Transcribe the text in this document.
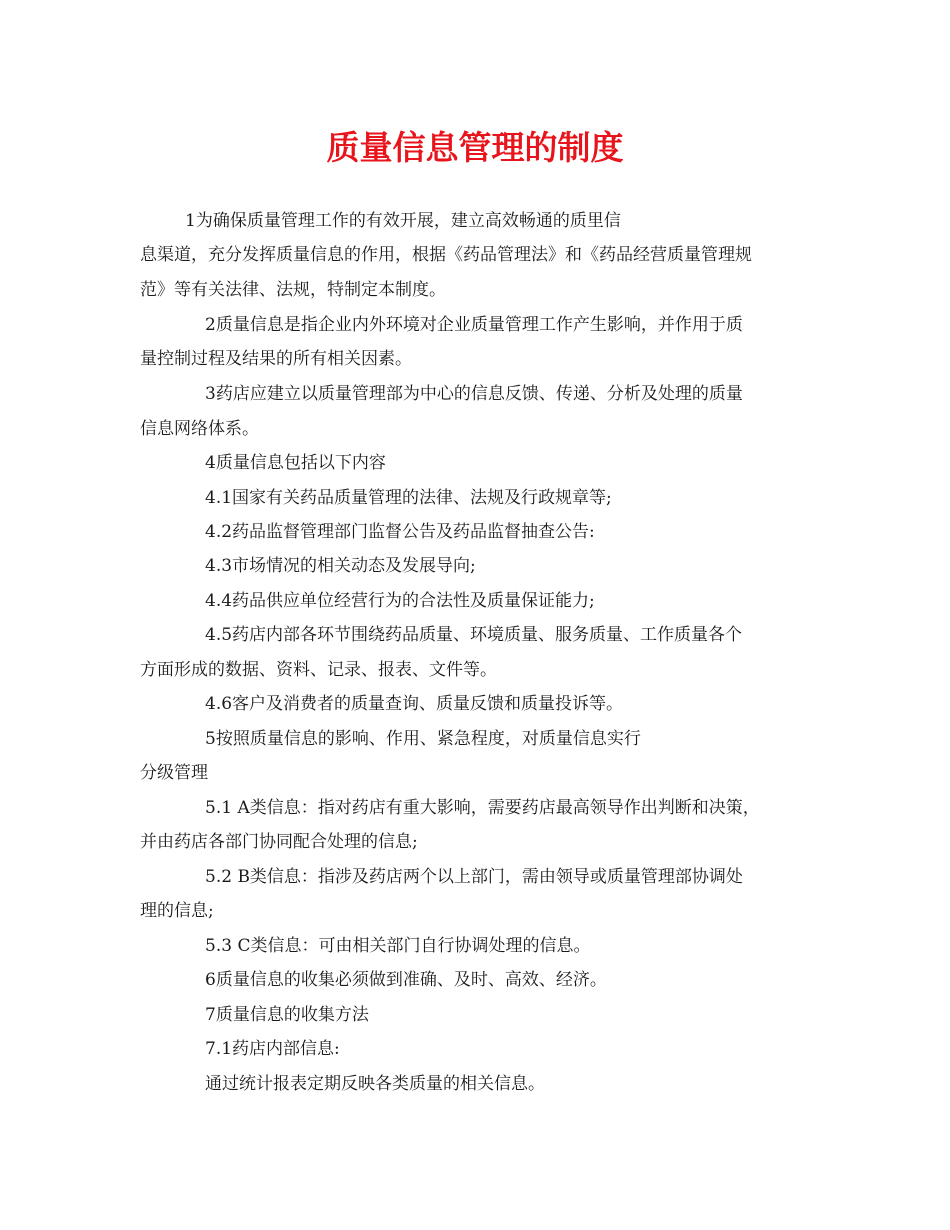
质量信息管理的制度

1为确保质量管理工作的有效开展，建立高效畅通的质里信

息渠道，充分发挥质量信息的作用，根据《药品管理法》和《药品经营质量管理规

范》等有关法律、法规，特制定本制度。

2质量信息是指企业内外环境对企业质量管理工作产生影响，并作用于质

量控制过程及结果的所有相关因素。

3药店应建立以质量管理部为中心的信息反馈、传递、分析及处理的质量

信息网络体系。

4质量信息包括以下内容

4.1国家有关药品质量管理的法律、法规及行政规章等;

4.2药品监督管理部门监督公告及药品监督抽查公告:

4.3市场情况的相关动态及发展导向;

4.4药品供应单位经营行为的合法性及质量保证能力;

4.5药店内部各环节围绕药品质量、环境质量、服务质量、工作质量各个

方面形成的数据、资料、记录、报表、文件等。

4.6客户及消费者的质量查询、质量反馈和质量投诉等。

5按照质量信息的影响、作用、紧急程度，对质量信息实行

分级管理

5.1 A类信息：指对药店有重大影响，需要药店最高领导作出判断和决策，

并由药店各部门协同配合处理的信息;

5.2 B类信息：指涉及药店两个以上部门，需由领导或质量管理部协调处

理的信息;

5.3 C类信息：可由相关部门自行协调处理的信息。

6质量信息的收集必须做到准确、及时、高效、经济。

7质量信息的收集方法

7.1药店内部信息:

通过统计报表定期反映各类质量的相关信息。
